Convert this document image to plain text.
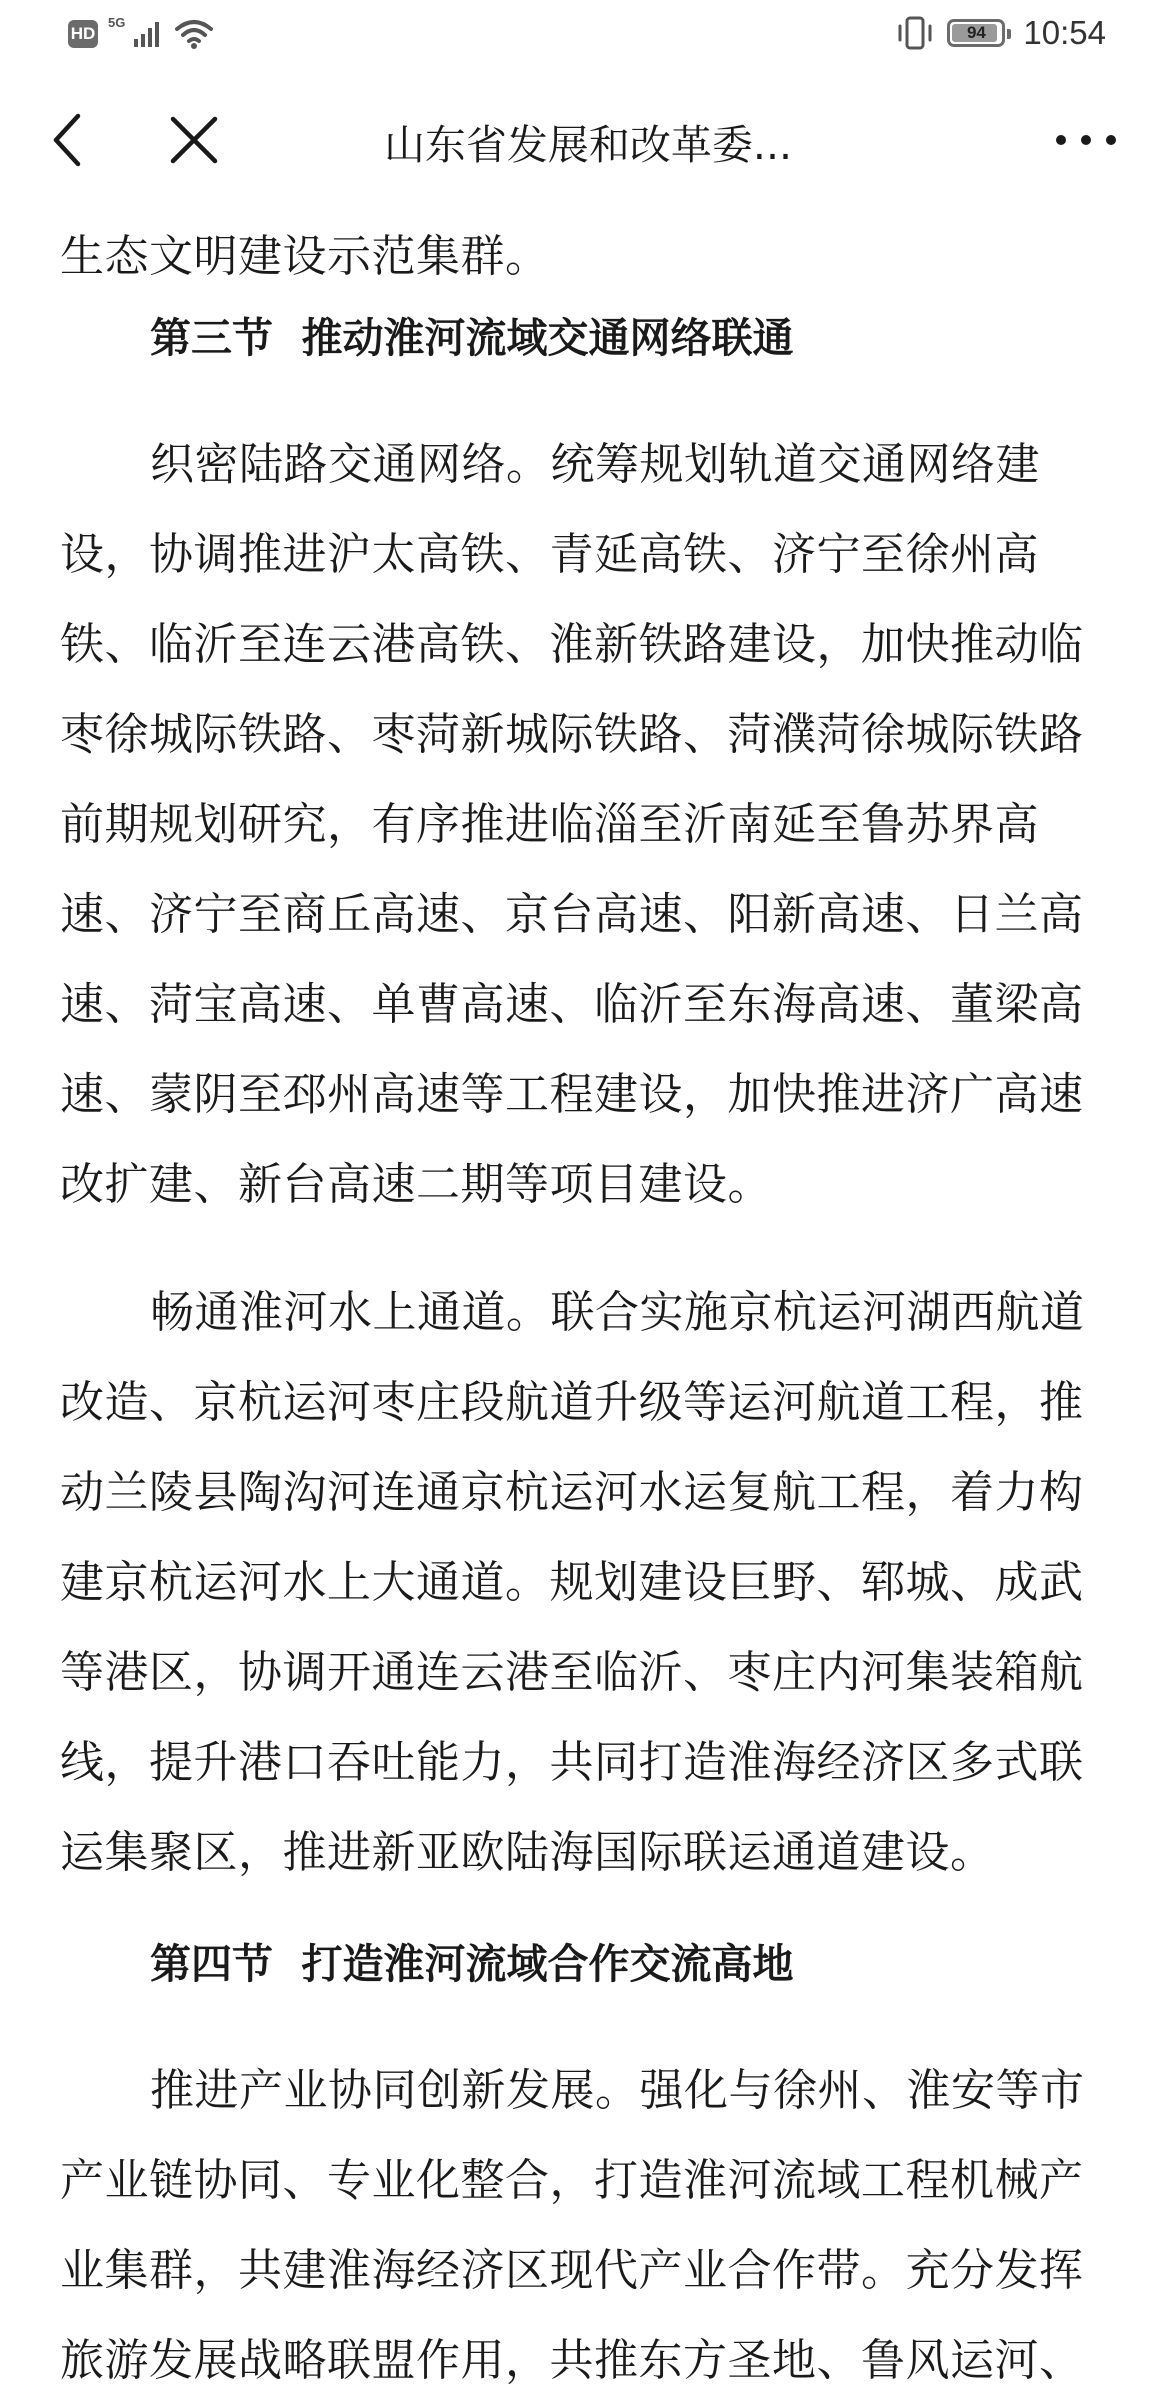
HD
5G
94 10:54
山东省发展和改革委...

生态文明建设示范集群。

第三节  推动淮河流域交通网络联通

织密陆路交通网络。统筹规划轨道交通网络建设，协调推进沪太高铁、青延高铁、济宁至徐州高铁、临沂至连云港高铁、淮新铁路建设，加快推动临枣徐城际铁路、枣菏新城际铁路、菏濮菏徐城际铁路前期规划研究，有序推进临淄至沂南延至鲁苏界高速、济宁至商丘高速、京台高速、阳新高速、日兰高速、菏宝高速、单曹高速、临沂至东海高速、董梁高速、蒙阴至邳州高速等工程建设，加快推进济广高速改扩建、新台高速二期等项目建设。

畅通淮河水上通道。联合实施京杭运河湖西航道改造、京杭运河枣庄段航道升级等运河航道工程，推动兰陵县陶沟河连通京杭运河水运复航工程，着力构建京杭运河水上大通道。规划建设巨野、郓城、成武等港区，协调开通连云港至临沂、枣庄内河集装箱航线，提升港口吞吐能力，共同打造淮海经济区多式联运集聚区，推进新亚欧陆海国际联运通道建设。

第四节  打造淮河流域合作交流高地

推进产业协同创新发展。强化与徐州、淮安等市产业链协同、专业化整合，打造淮河流域工程机械产业集群，共建淮海经济区现代产业合作带。充分发挥旅游发展战略联盟作用，共推东方圣地、鲁风运河、
